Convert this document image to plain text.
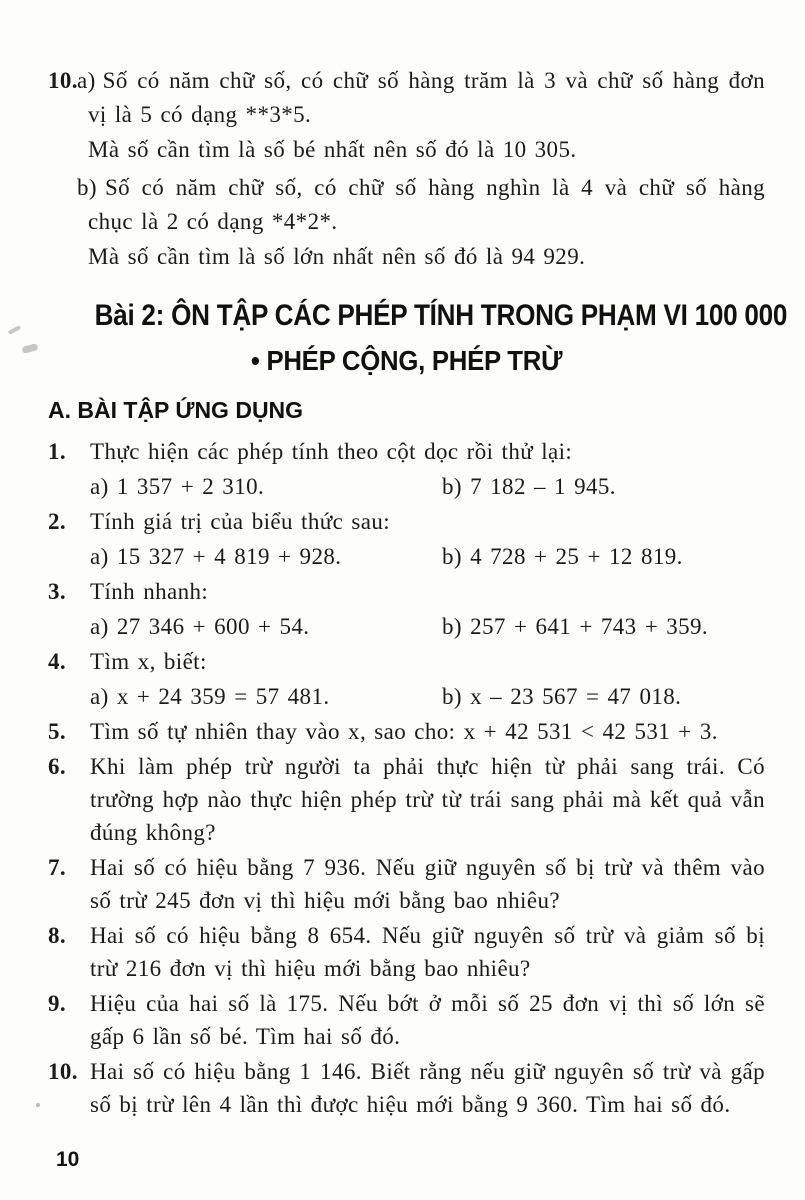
10.a) Số có năm chữ số, có chữ số hàng trăm là 3 và chữ số hàng đơn vị là 5 có dạng **3*5.

Mà số cần tìm là số bé nhất nên số đó là 10 305.

b) Số có năm chữ số, có chữ số hàng nghìn là 4 và chữ số hàng chục là 2 có dạng *4*2*.

Mà số cần tìm là số lớn nhất nên số đó là 94 929.

Bài 2: ÔN TẬP CÁC PHÉP TÍNH TRONG PHẠM VI 100 000
• PHÉP CỘNG, PHÉP TRỪ
A. BÀI TẬP ỨNG DỤNG

1. Thực hiện các phép tính theo cột dọc rồi thử lại:

a) 1 357 + 2 310.	b) 7 182 – 1 945.

2. Tính giá trị của biểu thức sau:

a) 15 327 + 4 819 + 928.	b) 4 728 + 25 + 12 819.

3. Tính nhanh:

a) 27 346 + 600 + 54.	b) 257 + 641 + 743 + 359.

4. Tìm x, biết:

a) x + 24 359 = 57 481.	b) x – 23 567 = 47 018.

5. Tìm số tự nhiên thay vào x, sao cho: x + 42 531 < 42 531 + 3.

6. Khi làm phép trừ người ta phải thực hiện từ phải sang trái. Có trường hợp nào thực hiện phép trừ từ trái sang phải mà kết quả vẫn đúng không?

7. Hai số có hiệu bằng 7 936. Nếu giữ nguyên số bị trừ và thêm vào số trừ 245 đơn vị thì hiệu mới bằng bao nhiêu?

8. Hai số có hiệu bằng 8 654. Nếu giữ nguyên số trừ và giảm số bị trừ 216 đơn vị thì hiệu mới bằng bao nhiêu?

9. Hiệu của hai số là 175. Nếu bớt ở mỗi số 25 đơn vị thì số lớn sẽ gấp 6 lần số bé. Tìm hai số đó.

10. Hai số có hiệu bằng 1 146. Biết rằng nếu giữ nguyên số trừ và gấp số bị trừ lên 4 lần thì được hiệu mới bằng 9 360. Tìm hai số đó.

10
